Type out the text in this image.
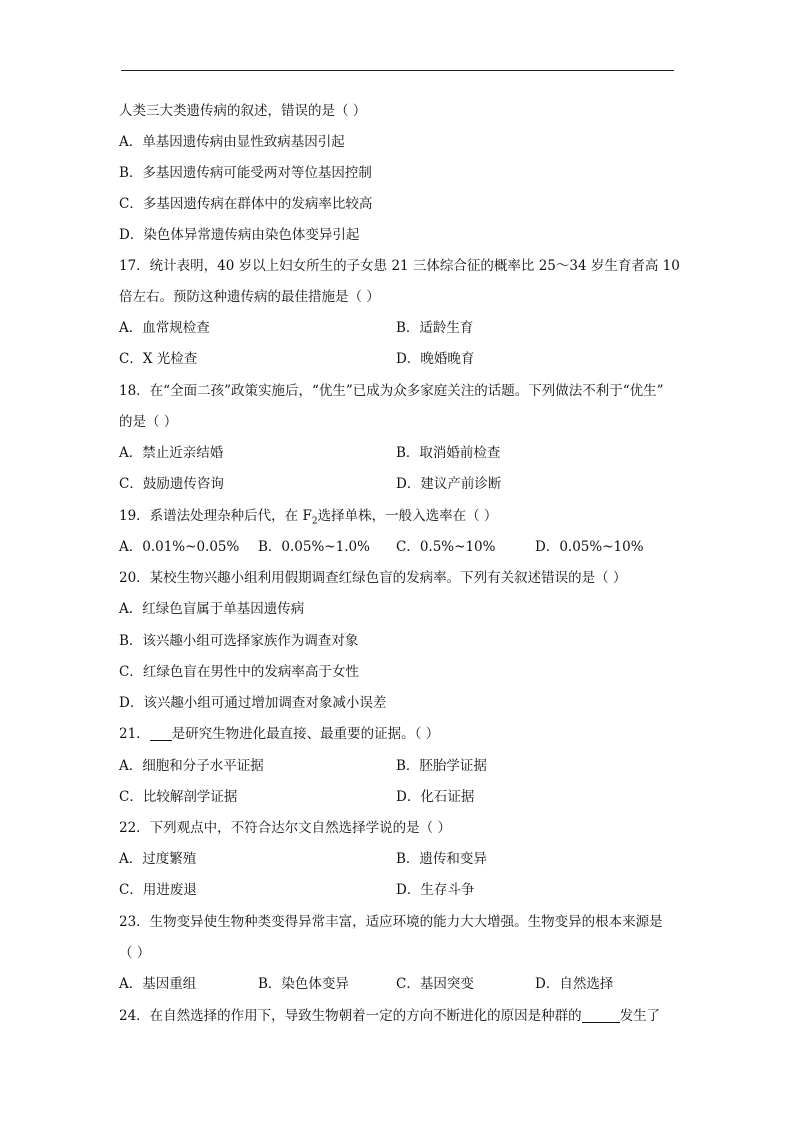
人类三大类遗传病的叙述，错误的是（ ）
A．单基因遗传病由显性致病基因引起
B．多基因遗传病可能受两对等位基因控制
C．多基因遗传病在群体中的发病率比较高
D．染色体异常遗传病由染色体变异引起
17．统计表明，40 岁以上妇女所生的子女患 21 三体综合征的概率比 25～34 岁生育者高 10
倍左右。预防这种遗传病的最佳措施是（ ）
A．血常规检查	B．适龄生育
C．X 光检查	D．晚婚晚育
18．在“全面二孩”政策实施后，“优生”已成为众多家庭关注的话题。下列做法不利于“优生”
的是（ ）
A．禁止近亲结婚	B．取消婚前检查
C．鼓励遗传咨询	D．建议产前诊断
19．系谱法处理杂种后代，在 $F_2$选择单株，一般入选率在（ ）
A．0.01%~0.05% B．0.05%~1.0% C．0.5%~10%	D．0.05%~10%
20．某校生物兴趣小组利用假期调查红绿色盲的发病率。下列有关叙述错误的是（ ）
A．红绿色盲属于单基因遗传病
B．该兴趣小组可选择家族作为调查对象
C．红绿色盲在男性中的发病率高于女性
D．该兴趣小组可通过增加调查对象减小误差
21． 是研究生物进化最直接、最重要的证据。（ ）
A．细胞和分子水平证据	B．胚胎学证据
C．比较解剖学证据	D．化石证据
22．下列观点中，不符合达尔文自然选择学说的是（ ）
A．过度繁殖	B．遗传和变异
C．用进废退	D．生存斗争
23．生物变异使生物种类变得异常丰富，适应环境的能力大大增强。生物变异的根本来源是
（ ）
A．基因重组	B．染色体变异	C．基因突变	D．自然选择
24．在自然选择的作用下，导致生物朝着一定的方向不断进化的原因是种群的	发生了
